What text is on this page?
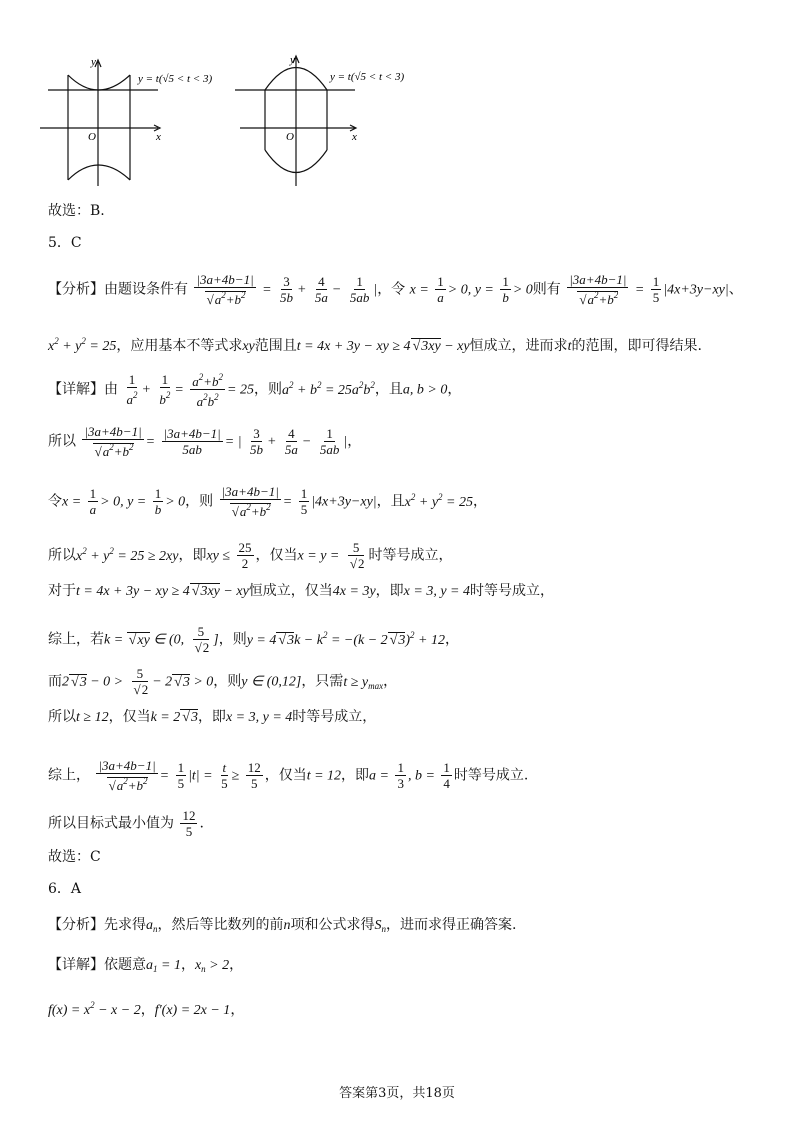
y
x
O
y = t(√5 < t < 3)
y
x
O
y = t(√5 < t < 3)
故选：B.
5．C
【分析】由题设条件有 |3a+4b−1|
√ $a^2+b^2 = \frac{3}{5b} + \frac{4}{5a} - \frac{1}{5ab}$ |，令 $x = \frac{1}{a} > 0$, $y = \frac{1}{b} > 0$则有 |3a+4b−1|
√ $a^2+b^2 = \frac{1}{5} |4x+3y-xy|$、
$x^2 + y^2 = 25$，应用基本不等式求xy范围且t = 4x + 3y − xy ≥ 4√ 3xy − xy恒成立，进而求t的范围，即可得结果.
【详解】由 $\frac{1}{a^2} + \frac{1}{b^2} = \frac{a^2+b^2}{a^2b^2} = 25$，则$a^2 + b^2 = 25a^2b^2$，且a, b > 0，
所以 |3a+4b−1|
√ $a^2+b^2 = \frac{|3a+4b-1|}{5ab}$ = | $\frac{3}{5b} + \frac{4}{5a} - \frac{1}{5ab}$ |，
令$x = \frac{1}{a} > 0$, $y = \frac{1}{b} > 0$，则 |3a+4b−1|
√ $a^2+b^2 = \frac{1}{5} |4x+3y-xy|$，且$x^2 + y^2 = 25$，
所以$x^2 + y^2 = 25 \ge 2xy$，即xy ≤ $\frac{25}{2}$ ，仅当x = y = 5
√ 2 时等号成立，
对于t = 4x + 3y − xy ≥ 4√ 3xy − xy恒成立，仅当4x = 3y，即x = 3, y = 4时等号成立，
综上，若k = √ xy ∈ (0, 5
√ 2 ]，则y = 4√ $3k - k^2 = -(k - 2√$ 3)$^2$ + 12，
而2√ 3 − 0 > 5
√ 2 − 2√ 3 > 0，则y ∈ (0,12]，只需$t \ge y_{max}$，
所以t ≥ 12，仅当k = 2√ 3，即x = 3, y = 4时等号成立，
综上， |3a+4b−1|
√ $a^2+b^2 = \frac{1}{5} |t| = \frac{t}{5} \ge \frac{12}{5}$ ，仅当t = 12，即$a = \frac{1}{3}$ , $b = \frac{1}{4}$ 时等号成立.
所以目标式最小值为 $\frac{12}{5}$ .
故选：C
6．A
【分析】先求得$a_n$，然后等比数列的前n项和公式求得$S_n$，进而求得正确答案.
【详解】依题意$a_1 = 1$，$x_n > 2$，
$f(x) = x^2 - x - 2$，f′(x) = 2x − 1，
答案第3页，共18页
